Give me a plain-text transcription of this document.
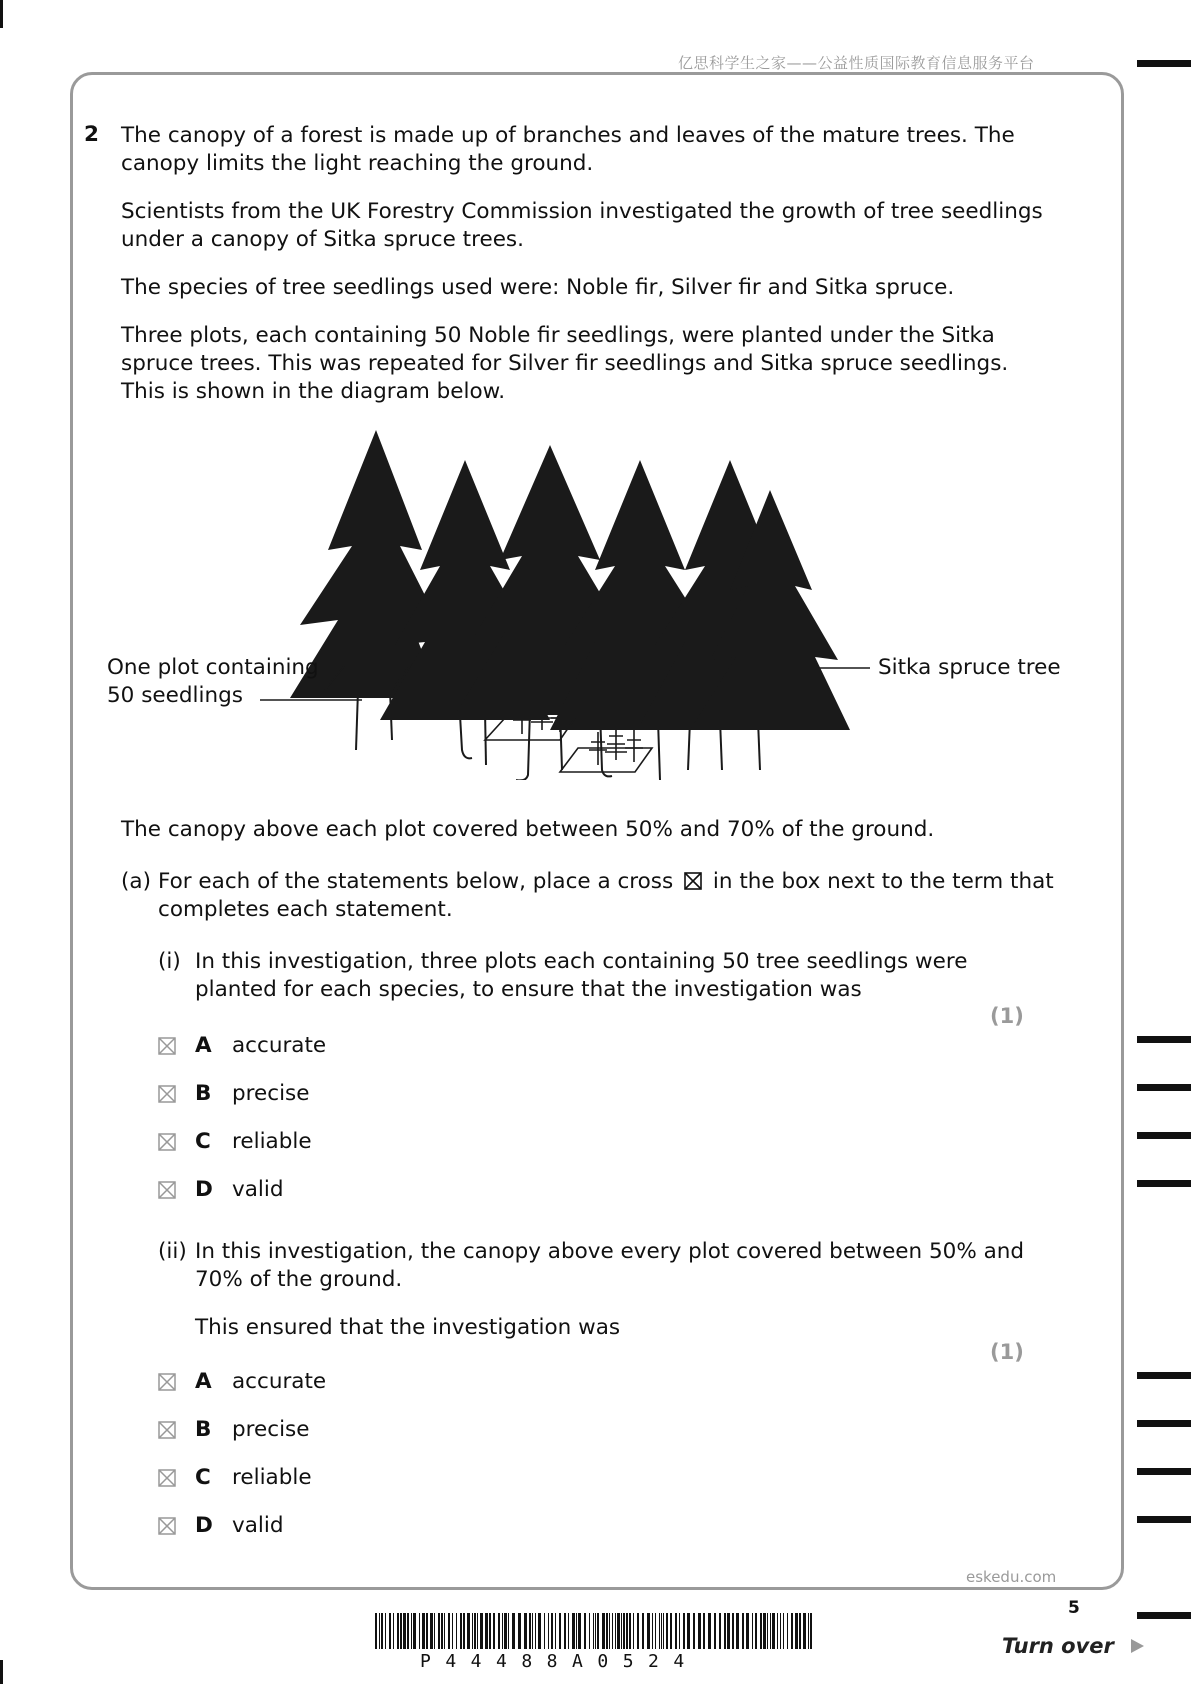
亿思科学生之家——公益性质国际教育信息服务平台
2 The canopy of a forest is made up of branches and leaves of the mature trees. The
canopy limits the light reaching the ground.
Scientists from the UK Forestry Commission investigated the growth of tree seedlings
under a canopy of Sitka spruce trees.
The species of tree seedlings used were: Noble fir, Silver fir and Sitka spruce.
Three plots, each containing 50 Noble fir seedlings, were planted under the Sitka
spruce trees. This was repeated for Silver fir seedlings and Sitka spruce seedlings.
This is shown in the diagram below.
One plot containing
50 seedlings
Sitka spruce tree
The canopy above each plot covered between 50% and 70% of the ground.
(a) For each of the statements below, place a cross ☒ in the box next to the term that
completes each statement.
(i) In this investigation, three plots each containing 50 tree seedlings were
planted for each species, to ensure that the investigation was
(1)
A accurate
B precise
C reliable
D valid
(ii) In this investigation, the canopy above every plot covered between 50% and
70% of the ground.
This ensured that the investigation was
(1)
A accurate
B precise
C reliable
D valid
eskedu.com
5
P44488A0524
Turn over
